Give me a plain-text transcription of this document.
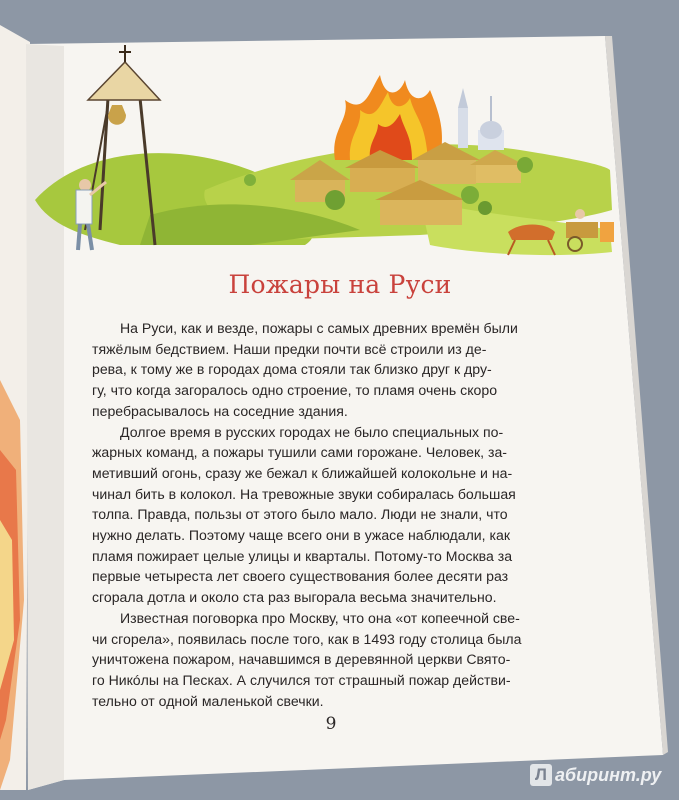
Пожары на Руси

На Руси, как и везде, пожары с самых древних времён были
тяжёлым бедствием. Наши предки почти всё строили из де-
рева, к тому же в городах дома стояли так близко друг к дру-
гу, что когда загоралось одно строение, то пламя очень скоро
перебрасывалось на соседние здания.

Долгое время в русских городах не было специальных по-
жарных команд, а пожары тушили сами горожане. Человек, за-
метивший огонь, сразу же бежал к ближайшей колокольне и на-
чинал бить в колокол. На тревожные звуки собиралась большая
толпа. Правда, пользы от этого было мало. Люди не знали, что
нужно делать. Поэтому чаще всего они в ужасе наблюдали, как
пламя пожирает целые улицы и кварталы. Потому-то Москва за
первые четыреста лет своего существования более десяти раз
сгорала дотла и около ста раз выгорала весьма значительно.

Известная поговорка про Москву, что она «от копеечной све-
чи сгорела», появилась после того, как в 1493 году столица была
уничтожена пожаром, начавшимся в деревянной церкви Свято-
го Никóлы на Песках. А случился тот страшный пожар действи-
тельно от одной маленькой свечки.

9
Л абиринт.ру
